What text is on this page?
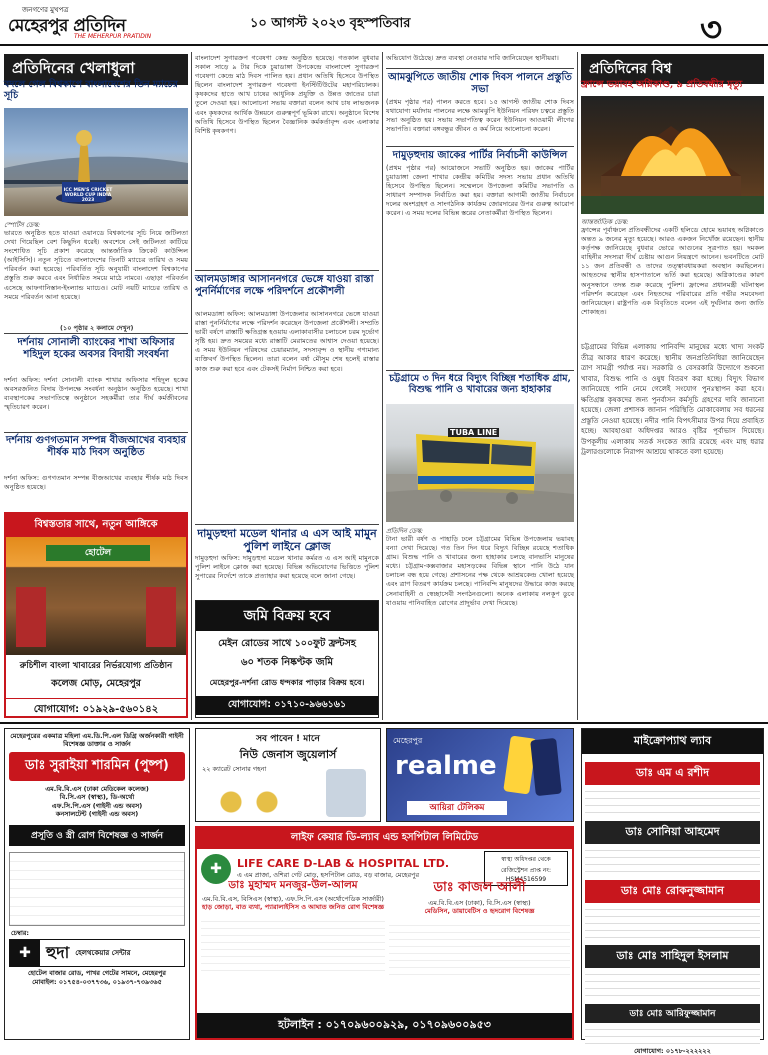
জনগণের মুখপত্র
মেহেরপুর প্রতিদিন
THE MEHERPUR PRATIDIN
১০ আগস্ট ২০২৩ বৃহস্পতিবার	৩
প্রতিদিনের খেলাধুলা
বদলে গেল বিশ্বকাপে বাংলাদেশের তিন ম্যাচের সূচি
ICC MEN'S CRICKET WORLD CUP INDIA 2023
স্পোর্টস ডেস্ক:
ভারতে অনুষ্ঠিত হতে যাওয়া ওয়ানডে বিশ্বকাপের সূচি নিয়ে জটিলতা দেখা গিয়েছিল বেশ কিছুদিন ধরেই। অবশেষে সেই জটিলতা কাটিয়ে সংশোধিত সূচি প্রকাশ করেছে আন্তর্জাতিক ক্রিকেট কাউন্সিল (আইসিসি)। নতুন সূচিতে বাংলাদেশের তিনটি ম্যাচের তারিখ ও সময় পরিবর্তন করা হয়েছে। পরিবর্তিত সূচি অনুযায়ী বাংলাদেশ বিশ্বকাপের প্রস্তুতি শুরু করবে এবং নির্ধারিত সময়ে মাঠে নামবে। এছাড়া পরিবর্তন এসেছে আফগানিস্তান-ইংল্যান্ড ম্যাচেও। মোট নয়টি ম্যাচের তারিখ ও সময়ে পরিবর্তন আনা হয়েছে।
(১০ পৃষ্ঠার ২ কলামে দেখুন)
দর্শনায় সোনালী ব্যাংকের শাখা অফিসার শহিদুল হকের অবসর বিদায়ী সংবর্ধনা
দর্শনা অফিস: দর্শনা সোনালী ব্যাংক শাখার অফিসার শহিদুল হকের অবসরজনিত বিদায় উপলক্ষে সংবর্ধনা অনুষ্ঠান অনুষ্ঠিত হয়েছে। শাখা ব্যবস্থাপকের সভাপতিত্বে অনুষ্ঠানে সহকর্মীরা তার দীর্ঘ কর্মজীবনের স্মৃতিচারণ করেন।
দর্শনায় গুণগতমান সম্পন্ন বীজআখের ব্যবহার শীর্ষক মাঠ দিবস অনুষ্ঠিত
দর্শনা অফিস: গুণগতমান সম্পন্ন বীজআখের ব্যবহার শীর্ষক মাঠ দিবস অনুষ্ঠিত হয়েছে।
বিশ্বস্ততার সাথে, নতুন আঙ্গিকে
হোটেল
রুচিশীল বাংলা খাবারের নির্ভরযোগ্য প্রতিষ্ঠান
কলেজ মোড়, মেহেরপুর
যোগাযোগ: ০১৯২৯-৫৬০১৪২
বাংলাদেশ সুগারক্রপ গবেষণা কেন্দ্র অনুষ্ঠিত হয়েছে। গতকাল বুধবার সকাল সাড়ে ৯ টার দিকে চুয়াডাঙ্গা উপকেন্দ্রে বাংলাদেশ সুগারক্রপ গবেষণা কেন্দ্রে মাঠ দিবস পালিত হয়। প্রধান অতিথি হিসেবে উপস্থিত ছিলেন বাংলাদেশ সুগারক্রপ গবেষণা ইনস্টিটিউটের মহাপরিচালক। কৃষকদের হাতে আখ চাষের আধুনিক প্রযুক্তি ও উন্নত জাতের চারা তুলে দেওয়া হয়। আলোচনা সভায় বক্তারা বলেন আখ চাষ লাভজনক এবং কৃষকদের আর্থিক উন্নয়নে গুরুত্বপূর্ণ ভূমিকা রাখে। অনুষ্ঠানে বিশেষ অতিথি হিসেবে উপস্থিত ছিলেন বৈজ্ঞানিক কর্মকর্তাবৃন্দ এবং এলাকার বিশিষ্ট কৃষকগণ।
আলমডাঙ্গার আসাননগরে ভেঙ্গে যাওয়া রাস্তা পুনর্নির্মাণের লক্ষে পরিদর্শনে প্রকৌশলী
আলমডাঙ্গা অফিস: আলমডাঙ্গা উপজেলার আসাননগরে ভেঙ্গে যাওয়া রাস্তা পুনর্নির্মাণের লক্ষে পরিদর্শন করেছেন উপজেলা প্রকৌশলী। সম্প্রতি ভারী বর্ষণে রাস্তাটি ক্ষতিগ্রস্ত হওয়ায় এলাকাবাসীর চলাচলে চরম দুর্ভোগ সৃষ্টি হয়। দ্রুত সময়ের মধ্যে রাস্তাটি মেরামতের আশ্বাস দেওয়া হয়েছে। এ সময় ইউনিয়ন পরিষদের চেয়ারম্যান, সদস্যবৃন্দ ও স্থানীয় গণ্যমান্য ব্যক্তিবর্গ উপস্থিত ছিলেন। তারা বলেন বর্ষা মৌসুম শেষ হলেই রাস্তার কাজ শুরু করা হবে এবং টেকসই নির্মাণ নিশ্চিত করা হবে।
দামুড়হুদা মডেল থানার এ এস আই মামুন পুলিশ লাইনে ক্লোজ
দামুড়হুদা অফিস: দামুড়হুদা মডেল থানার কর্মরত এ এস আই মামুনকে পুলিশ লাইনে ক্লোজ করা হয়েছে। বিভিন্ন অভিযোগের ভিত্তিতে পুলিশ সুপারের নির্দেশে তাকে প্রত্যাহার করা হয়েছে বলে জানা গেছে।
জমি বিক্রয় হবে
মেইন রোডের সাথে ১০০ফুট ফ্রন্টসহ
৬০ শতক নিষ্কণ্টক জমি
মেহেরপুর-দর্শনা রোড ধন্দকার পাড়ার বিক্রয় হবে।
যোগাযোগ: ০১৭১০-৯৬৬১৬১
অভিযোগ উঠেছে। দ্রুত ব্যবস্থা নেওয়ার দাবি জানিয়েছেন স্থানীয়রা।
আমঝুপিতে জাতীয় শোক দিবস পালনে প্রস্তুতি সভা
(প্রথম পৃষ্ঠার পর) পালন করতে হবে। ১৫ আগস্ট জাতীয় শোক দিবস যথাযোগ্য মর্যাদায় পালনের লক্ষে আমঝুপি ইউনিয়ন পরিষদ চত্বরে প্রস্তুতি সভা অনুষ্ঠিত হয়। সভায় সভাপতিত্ব করেন ইউনিয়ন আওয়ামী লীগের সভাপতি। বক্তারা বঙ্গবন্ধুর জীবন ও কর্ম নিয়ে আলোচনা করেন।
দামুড়হুদায় জাকের পার্টির নির্বাচনী কাউন্সিল
(প্রথম পৃষ্ঠার পর) আয়োজনে সভাটি অনুষ্ঠিত হয়। জাকের পার্টির চুয়াডাঙ্গা জেলা শাখার কেন্দ্রীয় কমিটির সদস্য সভায় প্রধান অতিথি হিসেবে উপস্থিত ছিলেন। সম্মেলনে উপজেলা কমিটির সভাপতি ও সাধারণ সম্পাদক নির্বাচিত করা হয়। বক্তারা আগামী জাতীয় নির্বাচনে দলের অংশগ্রহণ ও সাংগঠনিক কার্যক্রম জোরদারের উপর গুরুত্ব আরোপ করেন। এ সময় দলের বিভিন্ন স্তরের নেতাকর্মীরা উপস্থিত ছিলেন।
চট্টগ্রামে ৩ দিন ধরে বিদ্যুৎ বিচ্ছিন্ন শতাধিক গ্রাম, বিশুদ্ধ পানি ও খাবারের জন্য হাহাকার
TUBA LINE
প্রতিদিন ডেস্ক:
টানা ভারী বর্ষণ ও পাহাড়ি ঢলে চট্টগ্রামের বিভিন্ন উপজেলায় ভয়াবহ বন্যা দেখা দিয়েছে। গত তিন দিন ধরে বিদ্যুৎ বিচ্ছিন্ন রয়েছে শতাধিক গ্রাম। বিশুদ্ধ পানি ও খাবারের জন্য হাহাকার চলছে বানভাসি মানুষের মধ্যে। চট্টগ্রাম-কক্সবাজার মহাসড়কের বিভিন্ন স্থানে পানি উঠে যান চলাচল বন্ধ হয়ে গেছে। প্রশাসনের পক্ষ থেকে আশ্রয়কেন্দ্র খোলা হয়েছে এবং ত্রাণ বিতরণ কার্যক্রম চলছে। পানিবন্দি মানুষদের উদ্ধারে কাজ করছে সেনাবাহিনী ও স্বেচ্ছাসেবী সংগঠনগুলো। অনেক এলাকায় নলকূপ ডুবে যাওয়ায় পানিবাহিত রোগের প্রাদুর্ভাব দেখা দিয়েছে।
প্রতিদিনের বিশ্ব
ফ্রান্সে ভয়াবহ অগ্নিকাণ্ড, ৯ প্রতিবন্ধীর মৃত্যু
আন্তর্জাতিক ডেস্ক:
ফ্রান্সের পূর্বাঞ্চলে প্রতিবন্ধীদের একটি হলিডে হোমে ভয়াবহ অগ্নিকাণ্ডে অন্তত ৯ জনের মৃত্যু হয়েছে। আরও একজন নিখোঁজ রয়েছেন। স্থানীয় কর্তৃপক্ষ জানিয়েছে বুধবার ভোরে আগুনের সূত্রপাত হয়। দমকল বাহিনীর সদস্যরা দীর্ঘ চেষ্টায় আগুন নিয়ন্ত্রণে আনেন। ভবনটিতে মোট ১১ জন প্রতিবন্ধী ও তাদের তত্ত্বাবধায়করা অবস্থান করছিলেন। আহতদের স্থানীয় হাসপাতালে ভর্তি করা হয়েছে। অগ্নিকাণ্ডের কারণ অনুসন্ধানে তদন্ত শুরু করেছে পুলিশ। ফ্রান্সের প্রধানমন্ত্রী ঘটনাস্থল পরিদর্শন করেছেন এবং নিহতদের পরিবারের প্রতি গভীর সমবেদনা জানিয়েছেন। রাষ্ট্রপতি এক বিবৃতিতে বলেন এই দুর্ঘটনার জন্য জাতি শোকাহত।
চট্টগ্রামের বিভিন্ন এলাকায় পানিবন্দি মানুষের মধ্যে খাদ্য সংকট তীব্র আকার ধারণ করেছে। স্থানীয় জনপ্রতিনিধিরা জানিয়েছেন ত্রাণ সামগ্রী পর্যাপ্ত নয়। সরকারি ও বেসরকারি উদ্যোগে শুকনো খাবার, বিশুদ্ধ পানি ও ওষুধ বিতরণ করা হচ্ছে। বিদ্যুৎ বিভাগ জানিয়েছে পানি নেমে গেলেই সংযোগ পুনঃস্থাপন করা হবে। ক্ষতিগ্রস্ত কৃষকদের জন্য পুনর্বাসন কর্মসূচি গ্রহণের দাবি জানানো হয়েছে। জেলা প্রশাসক জানান পরিস্থিতি মোকাবেলায় সব ধরনের প্রস্তুতি নেওয়া হয়েছে। নদীর পানি বিপৎসীমার উপর দিয়ে প্রবাহিত হচ্ছে। আবহাওয়া অধিদপ্তর আরও বৃষ্টির পূর্বাভাস দিয়েছে। উপকূলীয় এলাকায় সতর্ক সংকেত জারি রয়েছে এবং মাছ ধরার ট্রলারগুলোকে নিরাপদ আশ্রয়ে থাকতে বলা হয়েছে।
মেহেরপুরের একমাত্র মহিলা এম.ডি.পি.এল ডিগ্রি অর্জনকারী গাইনী বিশেষজ্ঞ ডাক্তার ও সার্জন
ডাঃ সুরাইয়া শারমিন (পুষ্প)
এম.বি.বি.এস (ঢাকা মেডিকেল কলেজ)
বি.সি.এস (স্বাস্থ্য), ডি-অর্থো
এফ.সি.পি.এস (গাইনী এন্ড অবস)
কনসালটেন্ট (গাইনী এন্ড অবস)
প্রসূতি ও স্ত্রী রোগ বিশেষজ্ঞ ও সার্জন
চেম্বার:
✚ হুদা হেলথকেয়ার সেন্টার
হোটেল বাজার রোড, পাখর গেটের সামনে, মেহেরপুর
মোবাইল: ০১৭৫৪-০৩৭৭৩৬, ০১৯৩৭-৭৩৯৩৬৫
সব পাবেন ! মানে
নিউ জেনাস জুয়েলার্স
২২ ক্যারেট সোনার গহনা
মেহেরপুর
realme
আয়িরা টেলিকম
মাইক্রোপ্যাথ ল্যাব
ডাঃ এম এ রশীদ
ডাঃ সোনিয়া আহমেদ
ডাঃ মোঃ রোকনুজ্জামান
ডাঃ মোঃ সাহিদুল ইসলাম
ডাঃ মোঃ আরিফুজ্জামান
যোগাযোগ: ০১৭৮-২২২২২২
লাইফ কেয়ার ডি-ল্যাব এন্ড হসপিটাল লিমিটেড
✚	LIFE CARE D-LAB & HOSPITAL LTD.
এ এম প্রাজা, ওশিরা গেট মোড়, হসপিটাল রোড, বড় বাজার, মেহেরপুর
স্বাস্থ্য অধিদপ্তর থেকে রেজিস্ট্রেশন প্রাপ্ত নং: HSM4516599
ডাঃ মুহাম্মদ মনজুর-উল-আলম
এম.বি.বি.এস, বিসিএস (স্বাস্থ্য), এফ.সি.পি.এস (অর্থোপেডিক সার্জারী)
হাড় জোড়া, বাত ব্যথা, প্যারালাইসিস ও আঘাত জনিত রোগ বিশেষজ্ঞ
ডাঃ কাজল আলী
এম.বি.বি.এস (ঢাকা), বি.সি.এস (স্বাস্থ্য)
মেডিসিন, ডায়াবেটিস ও হৃদরোগ বিশেষজ্ঞ
হটলাইন : ০১৭০৯৬০০৯২৯, ০১৭০৯৬০০৯৫৩
